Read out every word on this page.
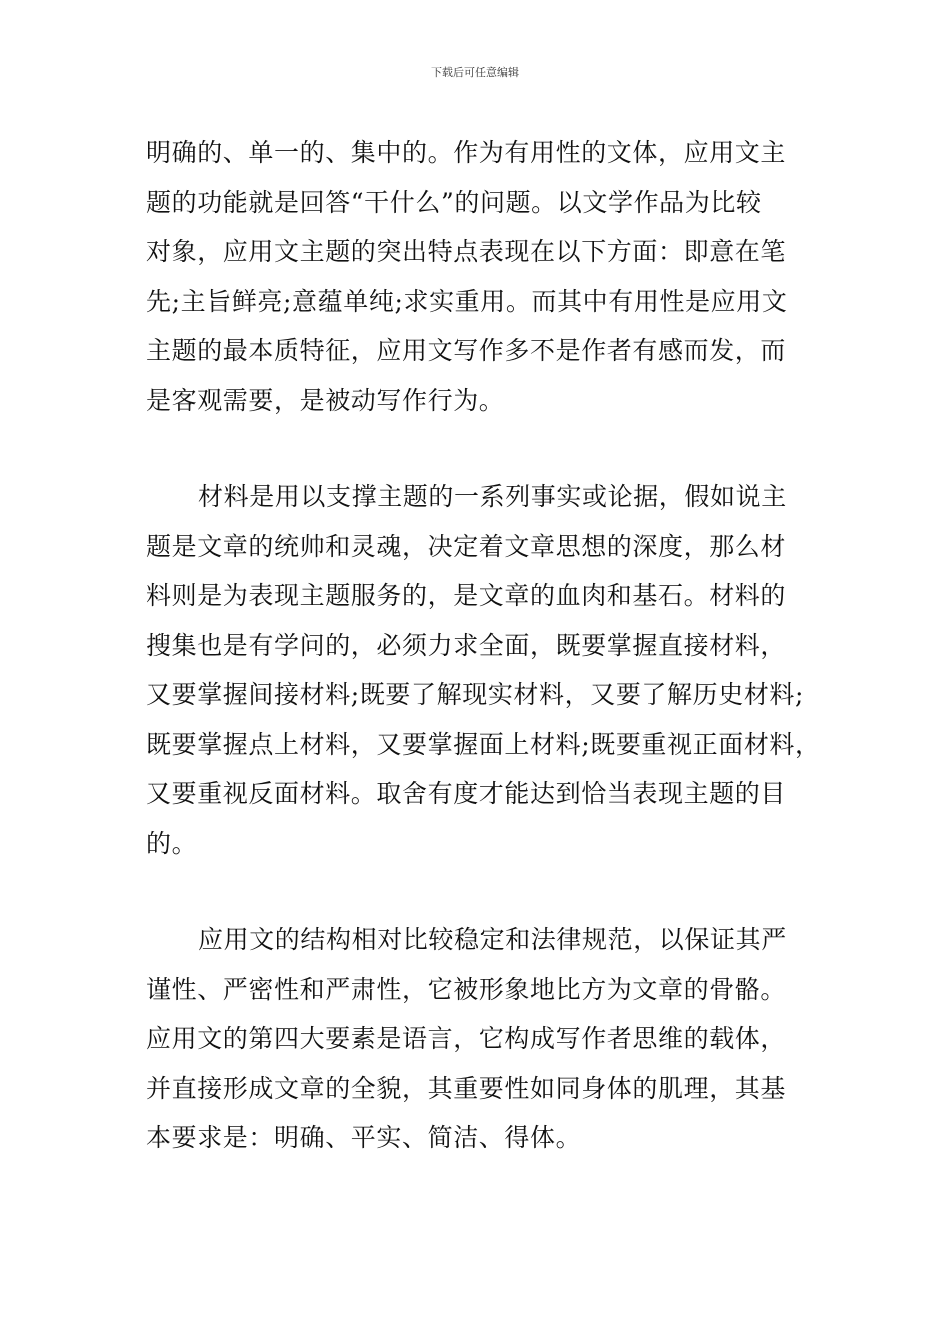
下载后可任意编辑
明确的、单一的、集中的。作为有用性的文体，应用文主
题的功能就是回答“干什么”的问题。以文学作品为比较
对象，应用文主题的突出特点表现在以下方面：即意在笔
先;主旨鲜亮;意蕴单纯;求实重用。而其中有用性是应用文
主题的最本质特征，应用文写作多不是作者有感而发，而
是客观需要，是被动写作行为。
材料是用以支撑主题的一系列事实或论据，假如说主
题是文章的统帅和灵魂，决定着文章思想的深度，那么材
料则是为表现主题服务的，是文章的血肉和基石。材料的
搜集也是有学问的，必须力求全面，既要掌握直接材料，
又要掌握间接材料;既要了解现实材料，又要了解历史材料;
既要掌握点上材料，又要掌握面上材料;既要重视正面材料，
又要重视反面材料。取舍有度才能达到恰当表现主题的目
的。
应用文的结构相对比较稳定和法律规范，以保证其严
谨性、严密性和严肃性，它被形象地比方为文章的骨骼。
应用文的第四大要素是语言，它构成写作者思维的载体，
并直接形成文章的全貌，其重要性如同身体的肌理，其基
本要求是：明确、平实、简洁、得体。
